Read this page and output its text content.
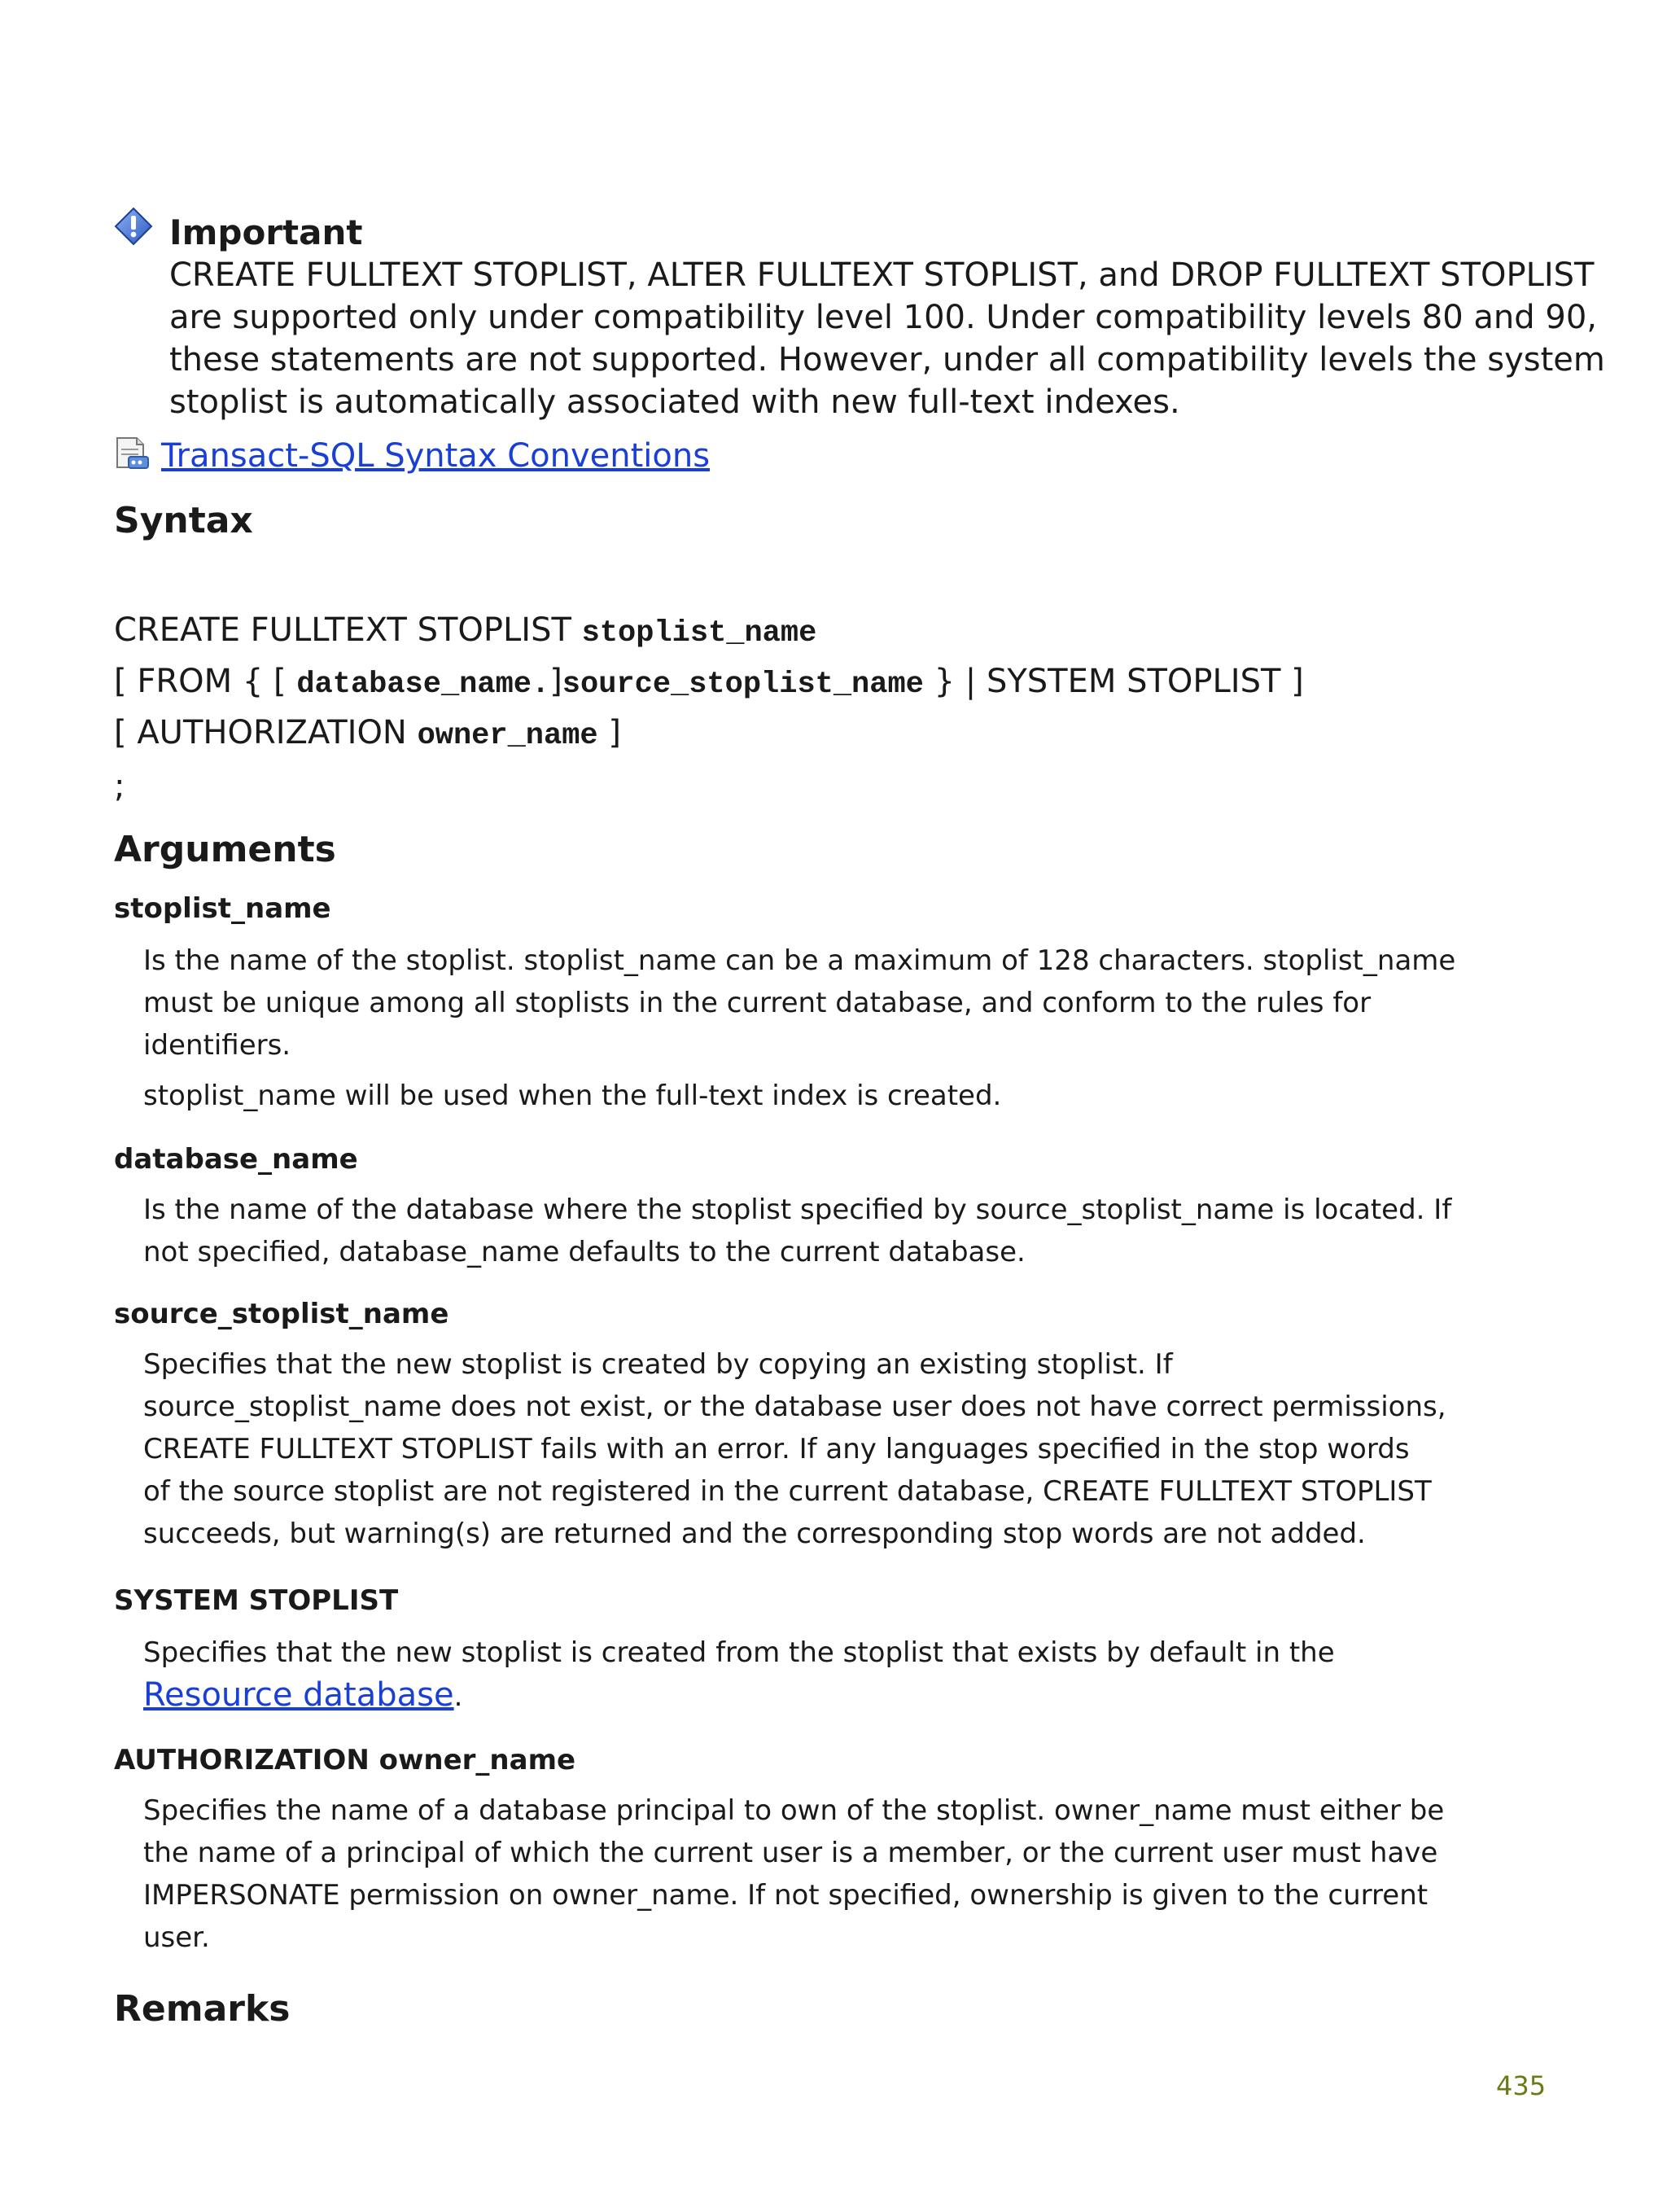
Important
CREATE FULLTEXT STOPLIST, ALTER FULLTEXT STOPLIST, and DROP FULLTEXT STOPLIST
are supported only under compatibility level 100. Under compatibility levels 80 and 90,
these statements are not supported. However, under all compatibility levels the system
stoplist is automatically associated with new full-text indexes.
Transact-SQL Syntax Conventions
Syntax
CREATE FULLTEXT STOPLIST stoplist_name
[ FROM { [ database_name.]source_stoplist_name } | SYSTEM STOPLIST ]
[ AUTHORIZATION owner_name ]
;
Arguments
stoplist_name
Is the name of the stoplist. stoplist_name can be a maximum of 128 characters. stoplist_name
must be unique among all stoplists in the current database, and conform to the rules for
identifiers.
stoplist_name will be used when the full-text index is created.
database_name
Is the name of the database where the stoplist specified by source_stoplist_name is located. If
not specified, database_name defaults to the current database.
source_stoplist_name
Specifies that the new stoplist is created by copying an existing stoplist. If
source_stoplist_name does not exist, or the database user does not have correct permissions,
CREATE FULLTEXT STOPLIST fails with an error. If any languages specified in the stop words
of the source stoplist are not registered in the current database, CREATE FULLTEXT STOPLIST
succeeds, but warning(s) are returned and the corresponding stop words are not added.
SYSTEM STOPLIST
Specifies that the new stoplist is created from the stoplist that exists by default in the
Resource database.
AUTHORIZATION owner_name
Specifies the name of a database principal to own of the stoplist. owner_name must either be
the name of a principal of which the current user is a member, or the current user must have
IMPERSONATE permission on owner_name. If not specified, ownership is given to the current
user.
Remarks
435
